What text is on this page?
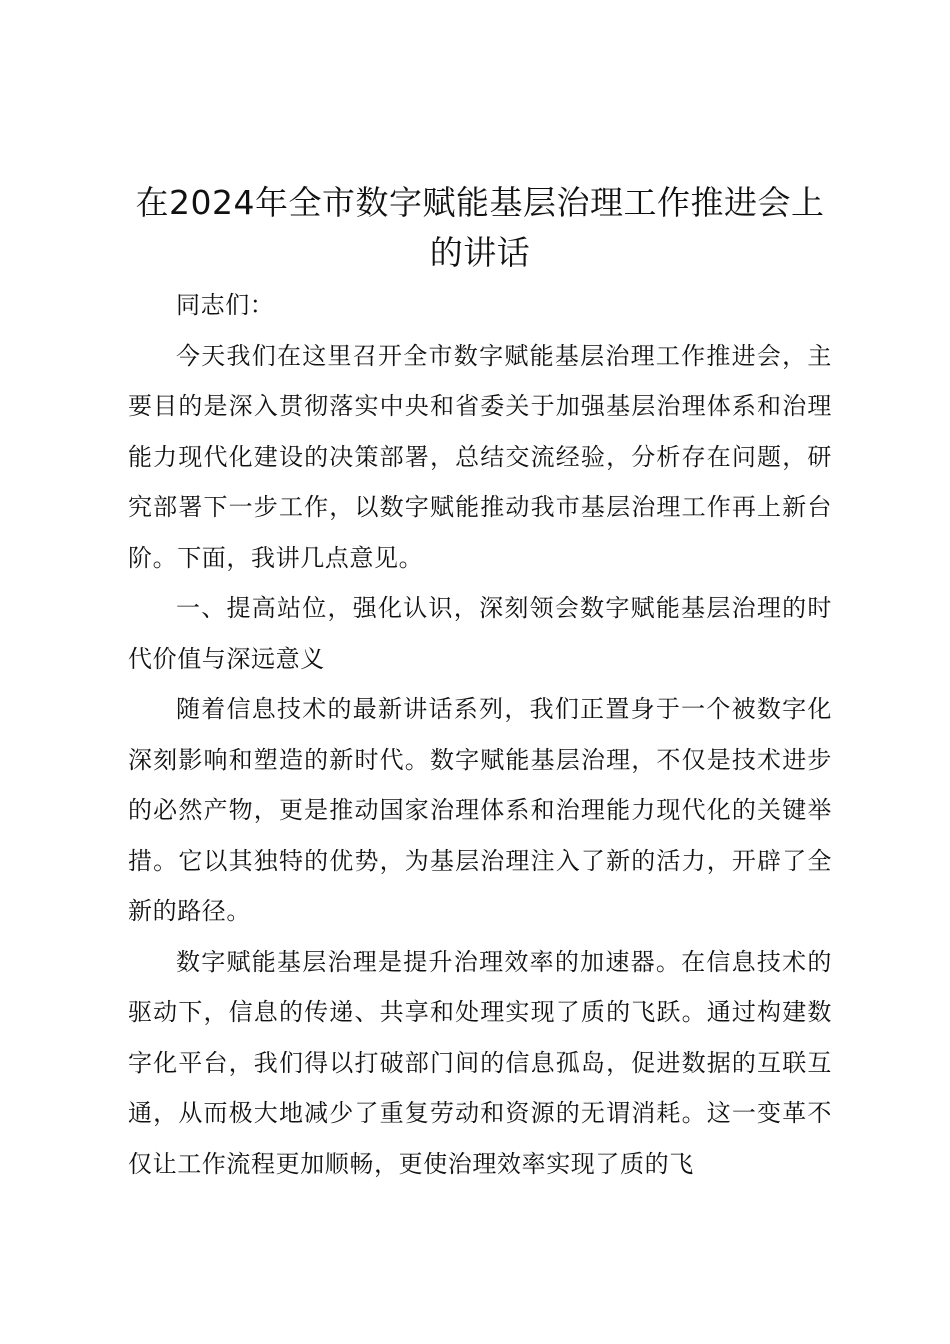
在2024年全市数字赋能基层治理工作推进会上的讲话

同志们：

今天我们在这里召开全市数字赋能基层治理工作推进会，主要目的是深入贯彻落实中央和省委关于加强基层治理体系和治理能力现代化建设的决策部署，总结交流经验，分析存在问题，研究部署下一步工作，以数字赋能推动我市基层治理工作再上新台阶。下面，我讲几点意见。

一、提高站位，强化认识，深刻领会数字赋能基层治理的时代价值与深远意义

随着信息技术的最新讲话系列，我们正置身于一个被数字化深刻影响和塑造的新时代。数字赋能基层治理，不仅是技术进步的必然产物，更是推动国家治理体系和治理能力现代化的关键举措。它以其独特的优势，为基层治理注入了新的活力，开辟了全新的路径。

数字赋能基层治理是提升治理效率的加速器。在信息技术的驱动下，信息的传递、共享和处理实现了质的飞跃。通过构建数字化平台，我们得以打破部门间的信息孤岛，促进数据的互联互通，从而极大地减少了重复劳动和资源的无谓消耗。这一变革不仅让工作流程更加顺畅，更使治理效率实现了质的飞
